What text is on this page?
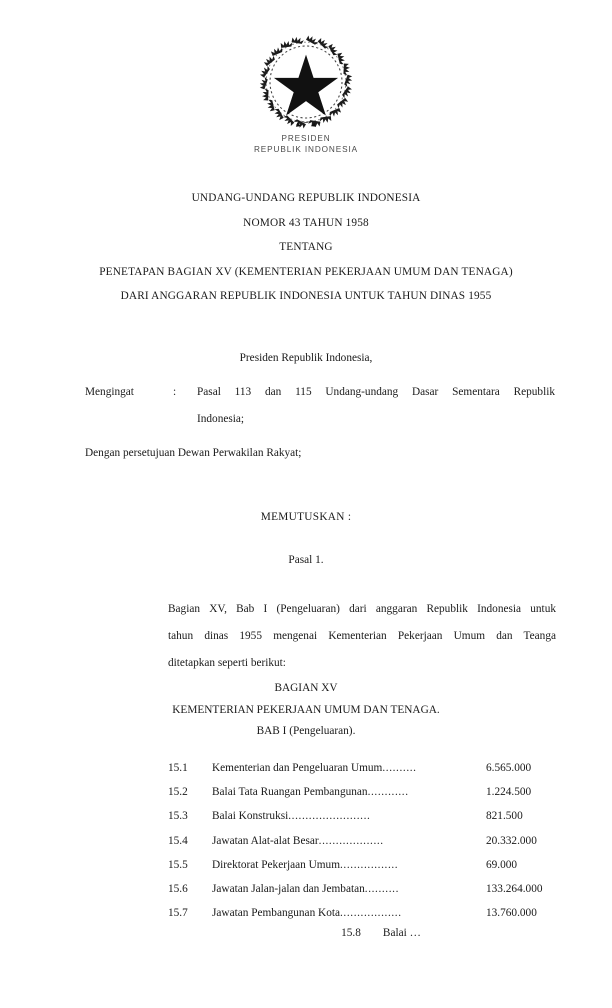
PRESIDEN
REPUBLIK INDONESIA
UNDANG-UNDANG REPUBLIK INDONESIA
NOMOR 43 TAHUN 1958
TENTANG
PENETAPAN BAGIAN XV (KEMENTERIAN PEKERJAAN UMUM DAN TENAGA)
DARI ANGGARAN REPUBLIK INDONESIA UNTUK TAHUN DINAS 1955
Presiden Republik Indonesia,
Mengingat	:	Pasal 113 dan 115 Undang-undang Dasar Sementara Republik
Indonesia;
Dengan persetujuan Dewan Perwakilan Rakyat;
MEMUTUSKAN :
Pasal 1.
Bagian XV, Bab I (Pengeluaran) dari anggaran Republik Indonesia untuk
tahun dinas 1955 mengenai Kementerian Pekerjaan Umum dan Teanga
ditetapkan seperti berikut:
BAGIAN XV
KEMENTERIAN PEKERJAAN UMUM DAN TENAGA.
BAB I (Pengeluaran).
15.1	Kementerian dan Pengeluaran Umum..........	6.565.000
15.2	Balai Tata Ruangan Pembangunan............	1.224.500
15.3	Balai Konstruksi........................	821.500
15.4	Jawatan Alat-alat Besar...................	20.332.000
15.5	Direktorat Pekerjaan Umum.................	69.000
15.6	Jawatan Jalan-jalan dan Jembatan..........	133.264.000
15.7	Jawatan Pembangunan Kota..................	13.760.000
15.8 Balai …
